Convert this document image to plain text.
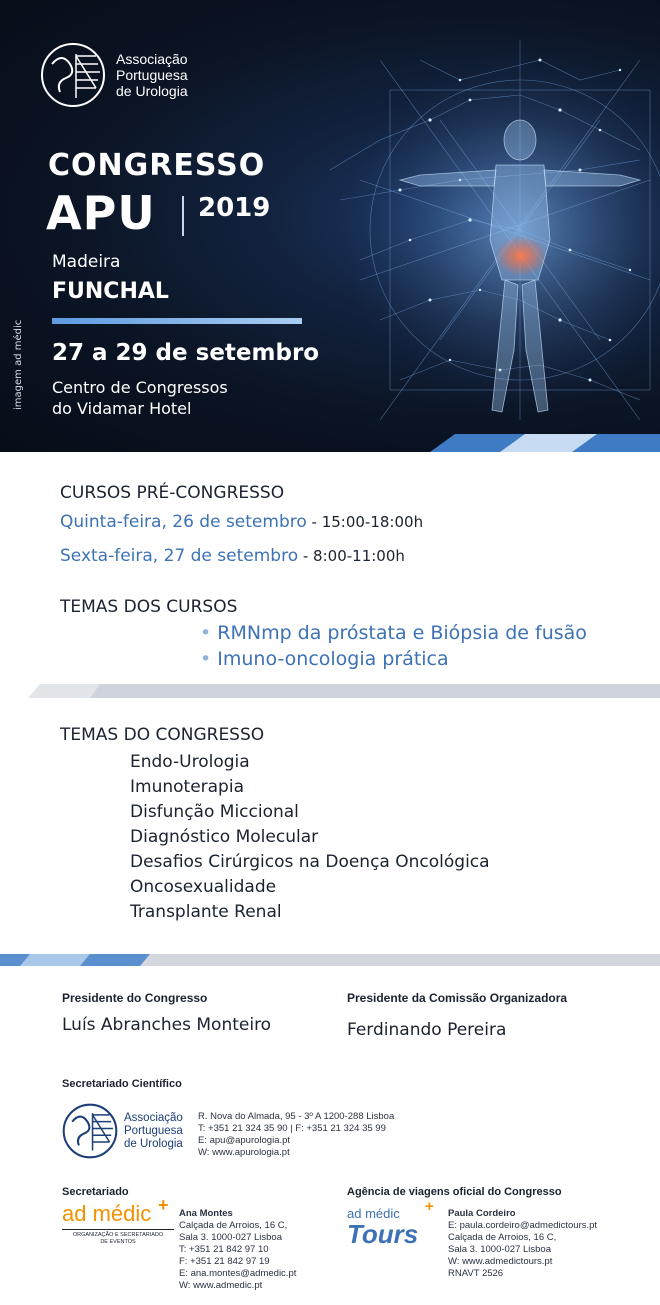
Associação
Portuguesa
de Urologia
CONGRESSO
APU 2019
Madeira
FUNCHAL
27 a 29 de setembro
Centro de Congressos
do Vidamar Hotel
imagem ad médic
CURSOS PRÉ-CONGRESSO
Quinta-feira, 26 de setembro - 15:00-18:00h
Sexta-feira, 27 de setembro - 8:00-11:00h
TEMAS DOS CURSOS
• RMNmp da próstata e Biópsia de fusão
• Imuno-oncologia prática
TEMAS DO CONGRESSO
Endo-Urologia
Imunoterapia
Disfunção Miccional
Diagnóstico Molecular
Desafios Cirúrgicos na Doença Oncológica
Oncosexualidade
Transplante Renal
Presidente do Congresso
Luís Abranches Monteiro
Presidente da Comissão Organizadora
Ferdinando Pereira
Secretariado Científico
Associação
Portuguesa
de Urologia
R. Nova do Almada, 95 - 3º A 1200-288 Lisboa
T: +351 21 324 35 90 | F: +351 21 324 35 99
E: apu@apurologia.pt
W: www.apurologia.pt
Secretariado
ad médic +
ORGANIZAÇÃO E SECRETARIADO
DE EVENTOS
Ana Montes
Calçada de Arroios, 16 C,
Sala 3. 1000-027 Lisboa
T: +351 21 842 97 10
F: +351 21 842 97 19
E: ana.montes@admedic.pt
W: www.admedic.pt
Agência de viagens oficial do Congresso
ad médic +
Tours
Paula Cordeiro
E: paula.cordeiro@admedictours.pt
Calçada de Arroios, 16 C,
Sala 3. 1000-027 Lisboa
W: www.admedictours.pt
RNAVT 2526
